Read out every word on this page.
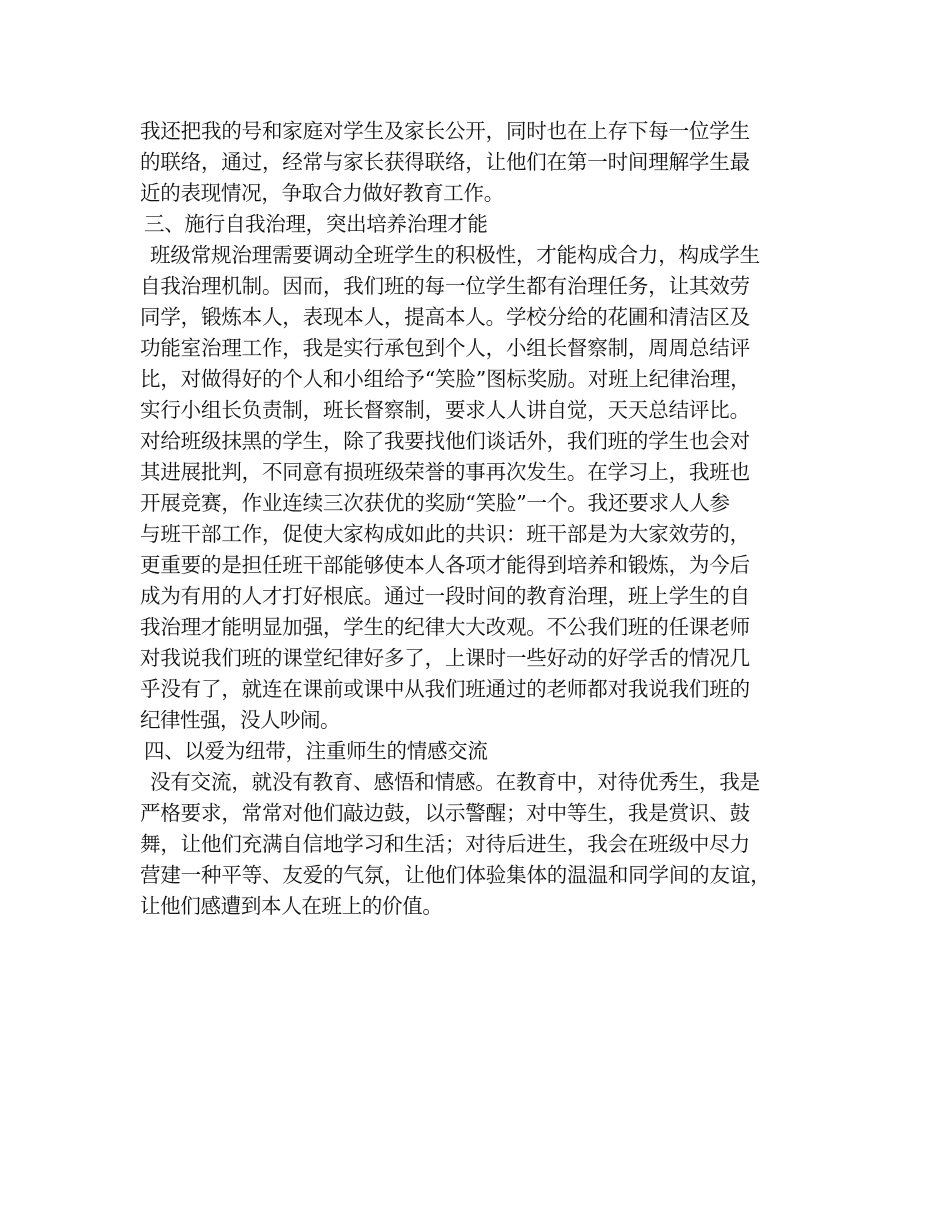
我还把我的号和家庭对学生及家长公开，同时也在上存下每一位学生
的联络，通过，经常与家长获得联络，让他们在第一时间理解学生最
近的表现情况，争取合力做好教育工作。
三、施行自我治理，突出培养治理才能
班级常规治理需要调动全班学生的积极性，才能构成合力，构成学生
自我治理机制。因而，我们班的每一位学生都有治理任务，让其效劳
同学，锻炼本人，表现本人，提高本人。学校分给的花圃和清洁区及
功能室治理工作，我是实行承包到个人，小组长督察制，周周总结评
比，对做得好的个人和小组给予“笑脸”图标奖励。对班上纪律治理，
实行小组长负责制，班长督察制，要求人人讲自觉，天天总结评比。
对给班级抹黑的学生，除了我要找他们谈话外，我们班的学生也会对
其进展批判，不同意有损班级荣誉的事再次发生。在学习上，我班也
开展竞赛，作业连续三次获优的奖励“笑脸”一个。我还要求人人参
与班干部工作，促使大家构成如此的共识：班干部是为大家效劳的，
更重要的是担任班干部能够使本人各项才能得到培养和锻炼，为今后
成为有用的人才打好根底。通过一段时间的教育治理，班上学生的自
我治理才能明显加强，学生的纪律大大改观。不公我们班的任课老师
对我说我们班的课堂纪律好多了，上课时一些好动的好学舌的情况几
乎没有了，就连在课前或课中从我们班通过的老师都对我说我们班的
纪律性强，没人吵闹。
四、以爱为纽带，注重师生的情感交流
没有交流，就没有教育、感悟和情感。在教育中，对待优秀生，我是
严格要求，常常对他们敲边鼓，以示警醒；对中等生，我是赏识、鼓
舞，让他们充满自信地学习和生活；对待后进生，我会在班级中尽力
营建一种平等、友爱的气氛，让他们体验集体的温温和同学间的友谊，
让他们感遭到本人在班上的价值。
